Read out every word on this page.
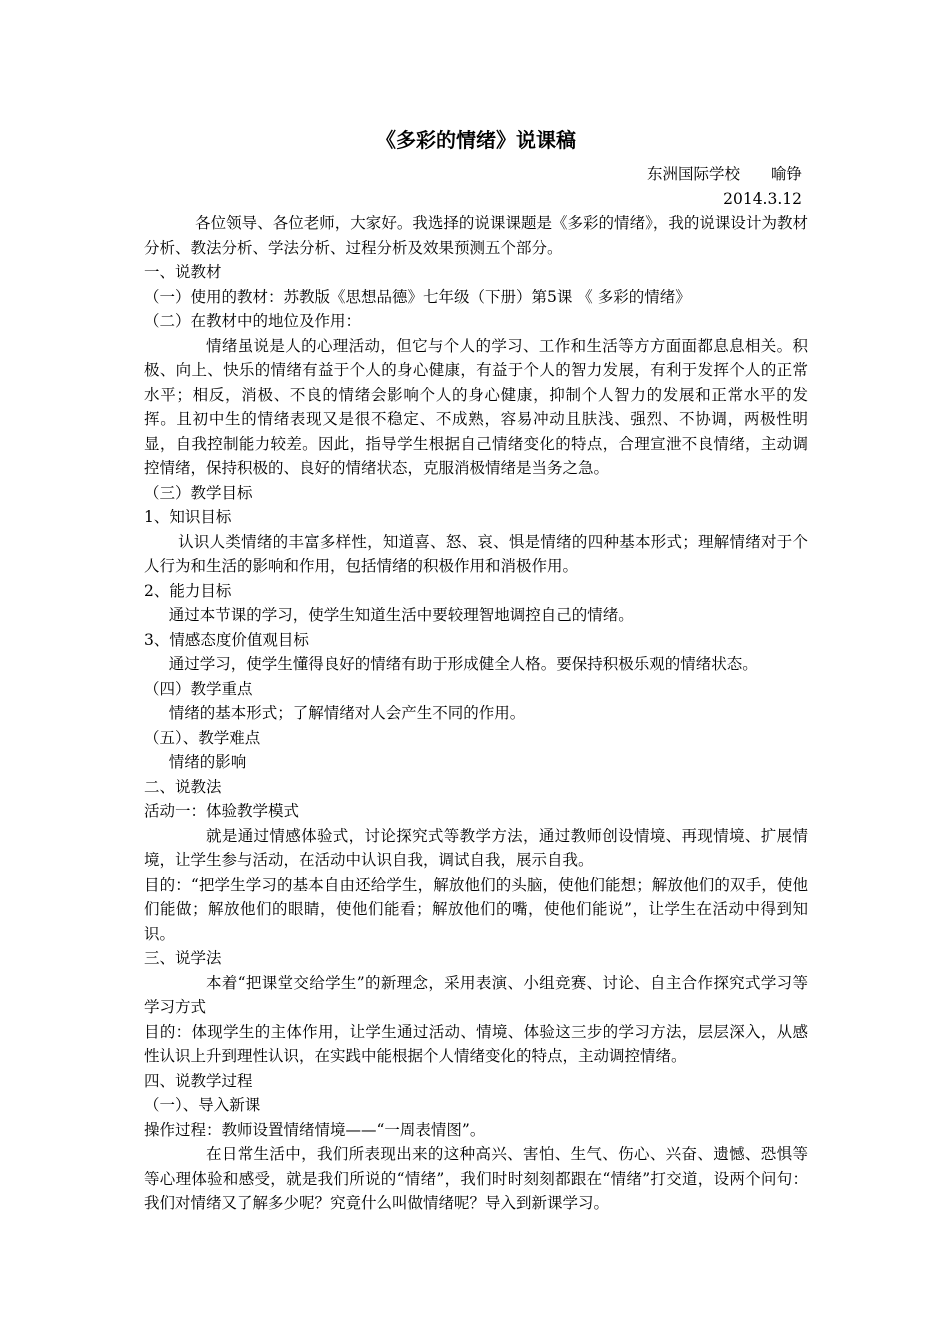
《多彩的情绪》说课稿
东洲国际学校　　喻铮
2014.3.12

各位领导、各位老师，大家好。我选择的说课课题是《多彩的情绪》，我的说课设计为教材分析、教法分析、学法分析、过程分析及效果预测五个部分。

一、说教材

（一）使用的教材：苏教版《思想品德》七年级（下册）第5课 《 多彩的情绪》

（二）在教材中的地位及作用：

情绪虽说是人的心理活动，但它与个人的学习、工作和生活等方方面面都息息相关。积极、向上、快乐的情绪有益于个人的身心健康，有益于个人的智力发展，有利于发挥个人的正常水平；相反，消极、不良的情绪会影响个人的身心健康，抑制个人智力的发展和正常水平的发挥。且初中生的情绪表现又是很不稳定、不成熟，容易冲动且肤浅、强烈、不协调，两极性明显，自我控制能力较差。因此，指导学生根据自己情绪变化的特点，合理宣泄不良情绪，主动调控情绪，保持积极的、良好的情绪状态，克服消极情绪是当务之急。

（三）教学目标

1、知识目标

认识人类情绪的丰富多样性，知道喜、怒、哀、惧是情绪的四种基本形式；理解情绪对于个人行为和生活的影响和作用，包括情绪的积极作用和消极作用。

2、能力目标

通过本节课的学习，使学生知道生活中要较理智地调控自己的情绪。

3、情感态度价值观目标

通过学习，使学生懂得良好的情绪有助于形成健全人格。要保持积极乐观的情绪状态。

（四）教学重点

情绪的基本形式；了解情绪对人会产生不同的作用。

（五）、教学难点

情绪的影响

二、说教法

活动一：体验教学模式

就是通过情感体验式，讨论探究式等教学方法，通过教师创设情境、再现情境、扩展情境，让学生参与活动，在活动中认识自我，调试自我，展示自我。

目的：“把学生学习的基本自由还给学生，解放他们的头脑，使他们能想；解放他们的双手，使他们能做；解放他们的眼睛，使他们能看；解放他们的嘴，使他们能说”，让学生在活动中得到知识。

三、说学法

本着“把课堂交给学生”的新理念，采用表演、小组竞赛、讨论、自主合作探究式学习等学习方式

目的：体现学生的主体作用，让学生通过活动、情境、体验这三步的学习方法，层层深入，从感性认识上升到理性认识，在实践中能根据个人情绪变化的特点，主动调控情绪。

四、说教学过程

（一）、导入新课

操作过程：教师设置情绪情境——“一周表情图”。

在日常生活中，我们所表现出来的这种高兴、害怕、生气、伤心、兴奋、遗憾、恐惧等等心理体验和感受，就是我们所说的“情绪”，我们时时刻刻都跟在“情绪”打交道，设两个问句：我们对情绪又了解多少呢？究竟什么叫做情绪呢？导入到新课学习。
